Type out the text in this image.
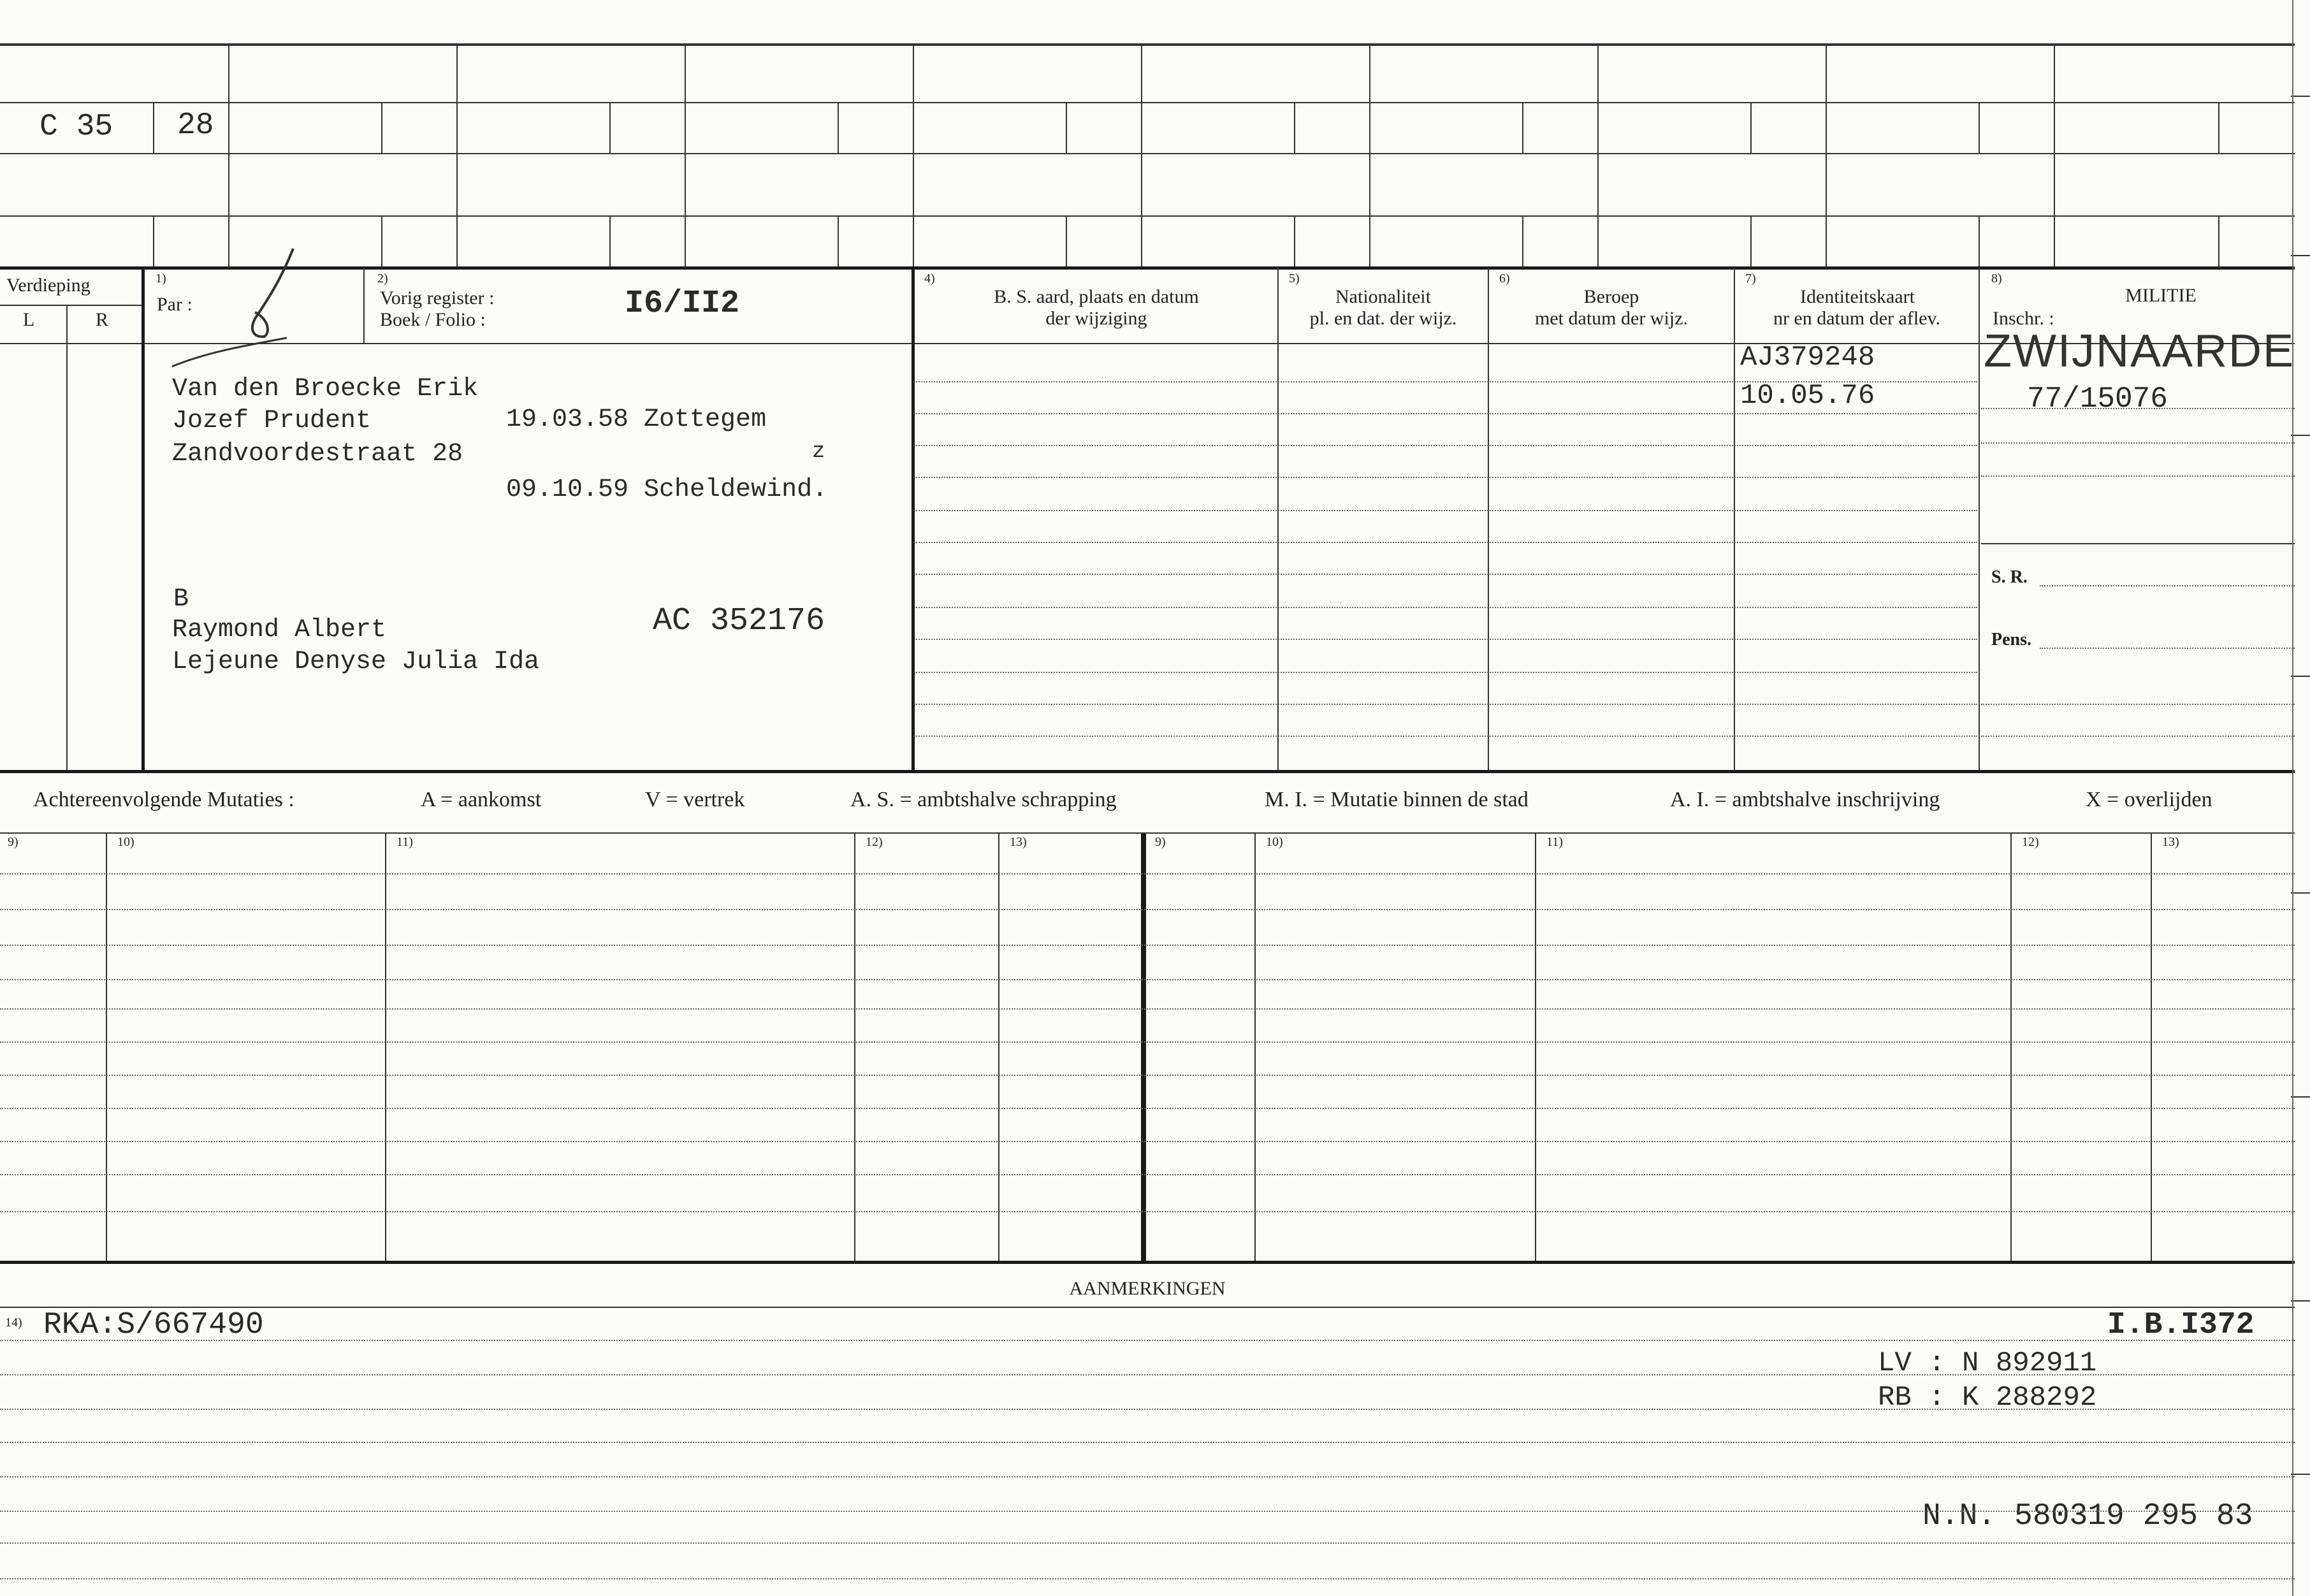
C 35 28
Verdieping
L	R
1)
Par :
2)
Vorig register :
Boek / Folio :	I6/II2
4)
B. S. aard, plaats en datum
der wijziging
5)
Nationaliteit
pl. en dat. der wijz.
6)
Beroep
met datum der wijz.
7)
Identiteitskaart
nr en datum der aflev.
8)
MILITIE
Inschr. :
Van den Broecke Erik
Jozef Prudent	19.03.58 Zottegem
Zandvoordestraat 28	z
09.10.59 Scheldewind.
B
Raymond Albert
Lejeune Denyse Julia Ida
AC 352176
AJ379248
10.05.76
ZWIJNAARDE
77/15076
S. R.
Pens.
Achtereenvolgende Mutaties :	A = aankomst	V = vertrek	A. S. = ambtshalve schrapping	M. I. = Mutatie binnen de stad	A. I. = ambtshalve inschrijving	X = overlijden
9)	10)	11)	12)	13)	9)	10)	11)	12)	13)
AANMERKINGEN
14) RKA:S/667490	I.B.I372
LV : N 892911
RB : K 288292
N.N. 580319 295 83
